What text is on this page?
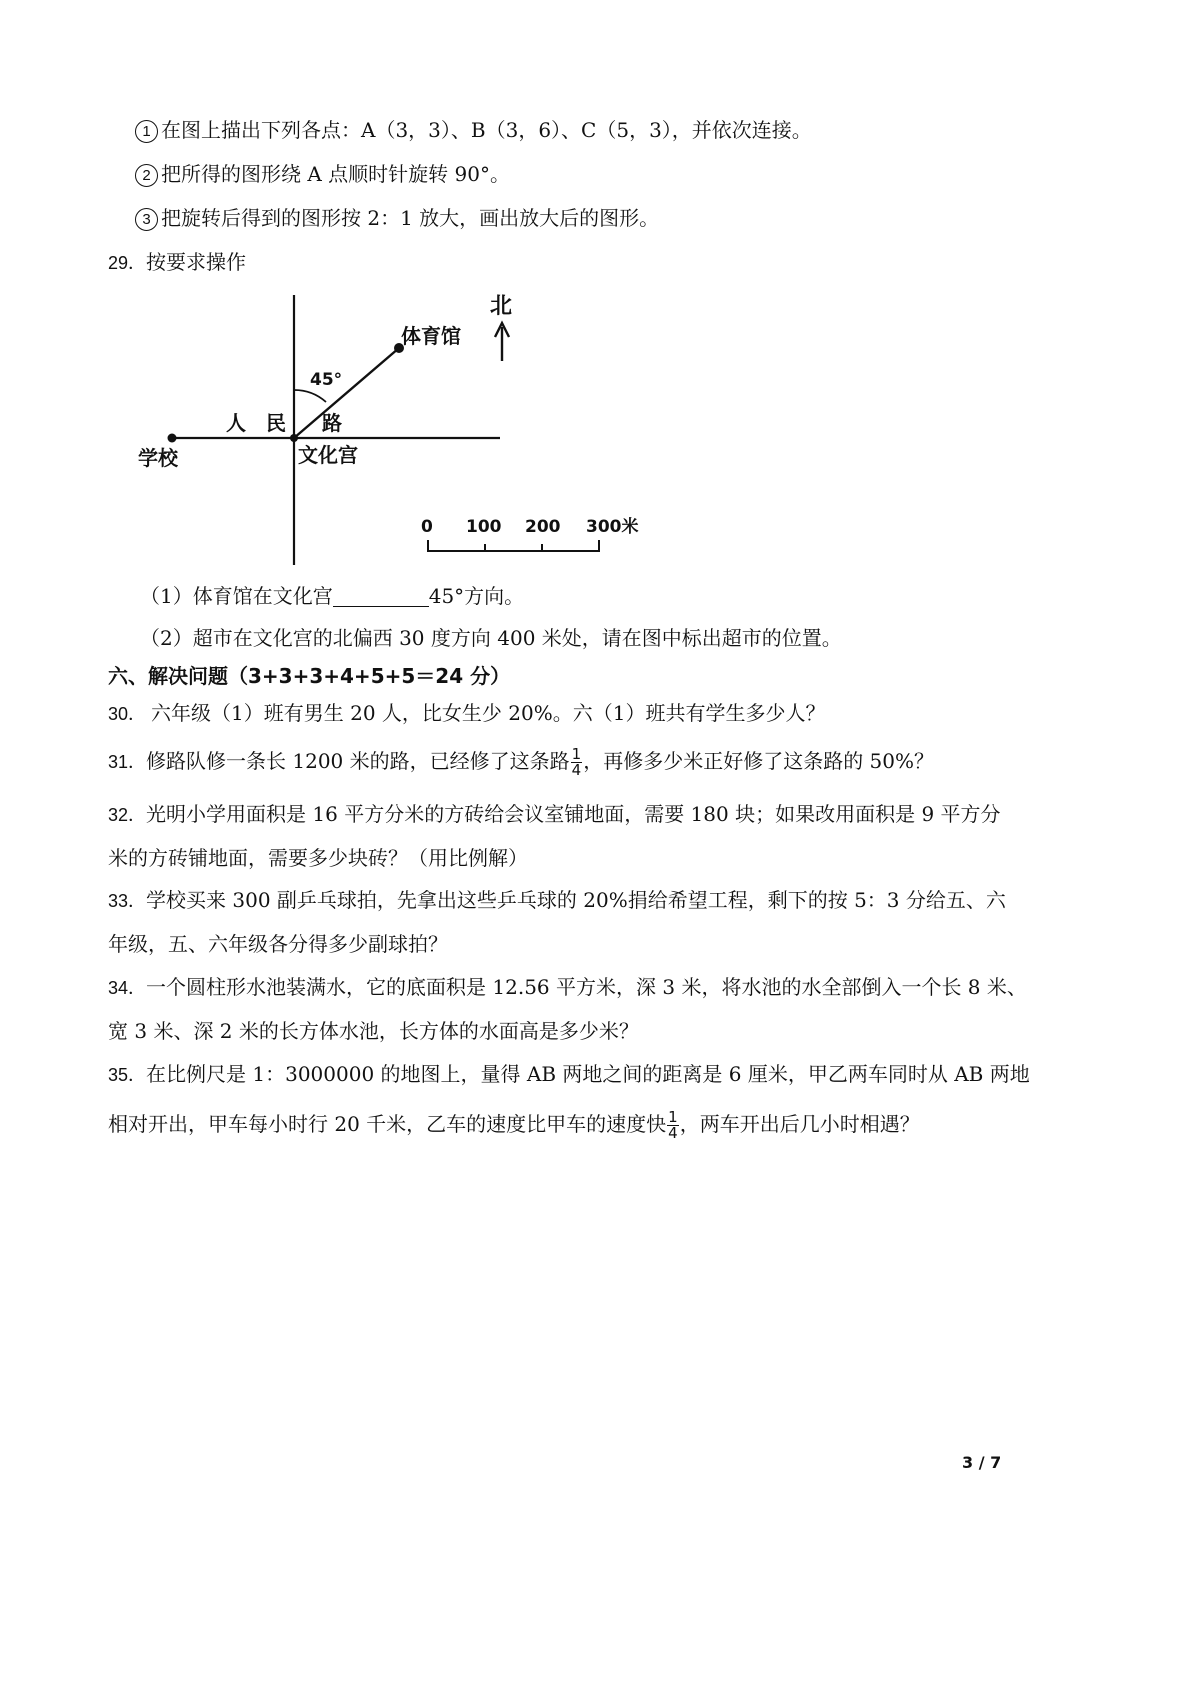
1 在图上描出下列各点：A（3，3）、B（3，6）、C（5，3），并依次连接。
2 把所得的图形绕 A 点顺时针旋转 90°。
3 把旋转后得到的图形按 2：1 放大，画出放大后的图形。
29．按要求操作
北
体育馆
45°
人 民 路
学校	文化宫
0 100 200 300米
（1）体育馆在文化宫	45°方向。
（2）超市在文化宫的北偏西 30 度方向 400 米处，请在图中标出超市的位置。
六、解决问题（3+3+3+4+5+5＝24 分）
30． 六年级（1）班有男生 20 人，比女生少 20%。六（1）班共有学生多少人？
31．修路队修一条长 1200 米的路，已经修了这条路 $\frac{1}{4}$ ，再修多少米正好修了这条路的 50%？
32．光明小学用面积是 16 平方分米的方砖给会议室铺地面，需要 180 块；如果改用面积是 9 平方分
米的方砖铺地面，需要多少块砖？（用比例解）
33．学校买来 300 副乒乓球拍，先拿出这些乒乓球的 20%捐给希望工程，剩下的按 5：3 分给五、六
年级，五、六年级各分得多少副球拍？
34．一个圆柱形水池装满水，它的底面积是 12.56 平方米，深 3 米，将水池的水全部倒入一个长 8 米、
宽 3 米、深 2 米的长方体水池，长方体的水面高是多少米？
35．在比例尺是 1：3000000 的地图上，量得 AB 两地之间的距离是 6 厘米，甲乙两车同时从 AB 两地
相对开出，甲车每小时行 20 千米，乙车的速度比甲车的速度快 $\frac{1}{4}$ ，两车开出后几小时相遇？
3 / 7
